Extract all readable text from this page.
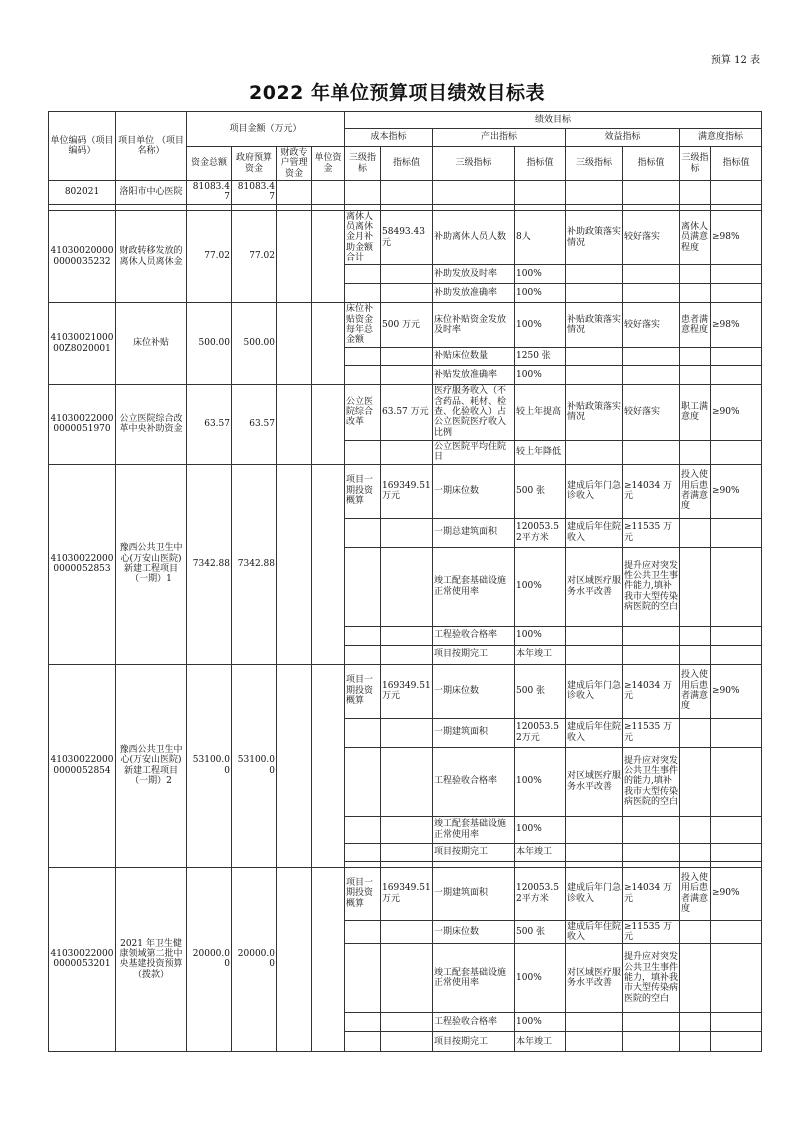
预算 12 表
2022 年单位预算项目绩效目标表
单位编码（项目编码）	项目单位 （项目名称）	项目金额（万元）				绩效目标							
						成本指标		产出指标		效益指标		满意度指标	
		资金总额	政府预算资金	财政专户管理资金	单位资金	三级指标	指标值	三级指标	指标值	三级指标	指标值	三级指标	指标值
802021	洛阳市中心医院	81083.47	81083.47										

410300200000000035232	财政转移发放的离休人员离休金	77.02	77.02			离休人员离休金月补助金额合计	58493.43元	补助离休人员人数	8人	补助政策落实情况	较好落实	离休人员满意程度	≥98%
								补助发放及时率	100%				
								补助发放准确率	100%				
4103002100000Z8020001	床位补贴	500.00	500.00			床位补贴资金每年总金额	500 万元	床位补贴资金发放及时率	100%	补贴政策落实情况	较好落实	患者满意程度	≥98%
								补贴床位数量	1250 张				
								补贴发放准确率	100%				
410300220000000051970	公立医院综合改革中央补助资金	63.57	63.57			公立医院综合改革	63.57 万元	医疗服务收入（不含药品、耗材、检查、化验收入）占公立医院医疗收入比例	较上年提高	补贴政策落实情况	较好落实	职工满意度	≥90%
								公立医院平均住院日	较上年降低				
410300220000000052853	豫西公共卫生中心(万安山医院)新建工程项目（一期）1	7342.88	7342.88			项目一期投资概算	169349.51万元	一期床位数	500 张	建成后年门急诊收入	≥14034 万元	投入使用后患者满意度	≥90%
								一期总建筑面积	120053.52平方米	建成后年住院收入	≥11535 万元		
								竣工配套基础设施正常使用率	100%	对区域医疗服务水平改善	提升应对突发性公共卫生事件能力,填补我市大型传染病医院的空白		
								工程验收合格率	100%				
								项目按期完工	本年竣工				
410300220000000052854	豫西公共卫生中心(万安山医院)新建工程项目（一期）2	53100.00	53100.00			项目一期投资概算	169349.51万元	一期床位数	500 张	建成后年门急诊收入	≥14034 万元	投入使用后患者满意度	≥90%
								一期建筑面积	120053.52万元	建成后年住院收入	≥11535 万元		
								工程验收合格率	100%	对区域医疗服务水平改善	提升应对突发公共卫生事件的能力,填补我市大型传染病医院的空白		
								竣工配套基础设施正常使用率	100%				
								项目按期完工	本年竣工				

410300220000000053201	2021 年卫生健康领域第二批中央基建投资预算（拨款）	20000.00	20000.00			项目一期投资概算	169349.51万元	一期建筑面积	120053.52平方米	建成后年门急诊收入	≥14034 万元	投入使用后患者满意度	≥90%
								一期床位数	500 张	建成后年住院收入	≥11535 万元		
								竣工配套基础设施正常使用率	100%	对区域医疗服务水平改善	提升应对突发公共卫生事件能力，填补我市大型传染病医院的空白		
								工程验收合格率	100%				
								项目按期完工	本年竣工				
